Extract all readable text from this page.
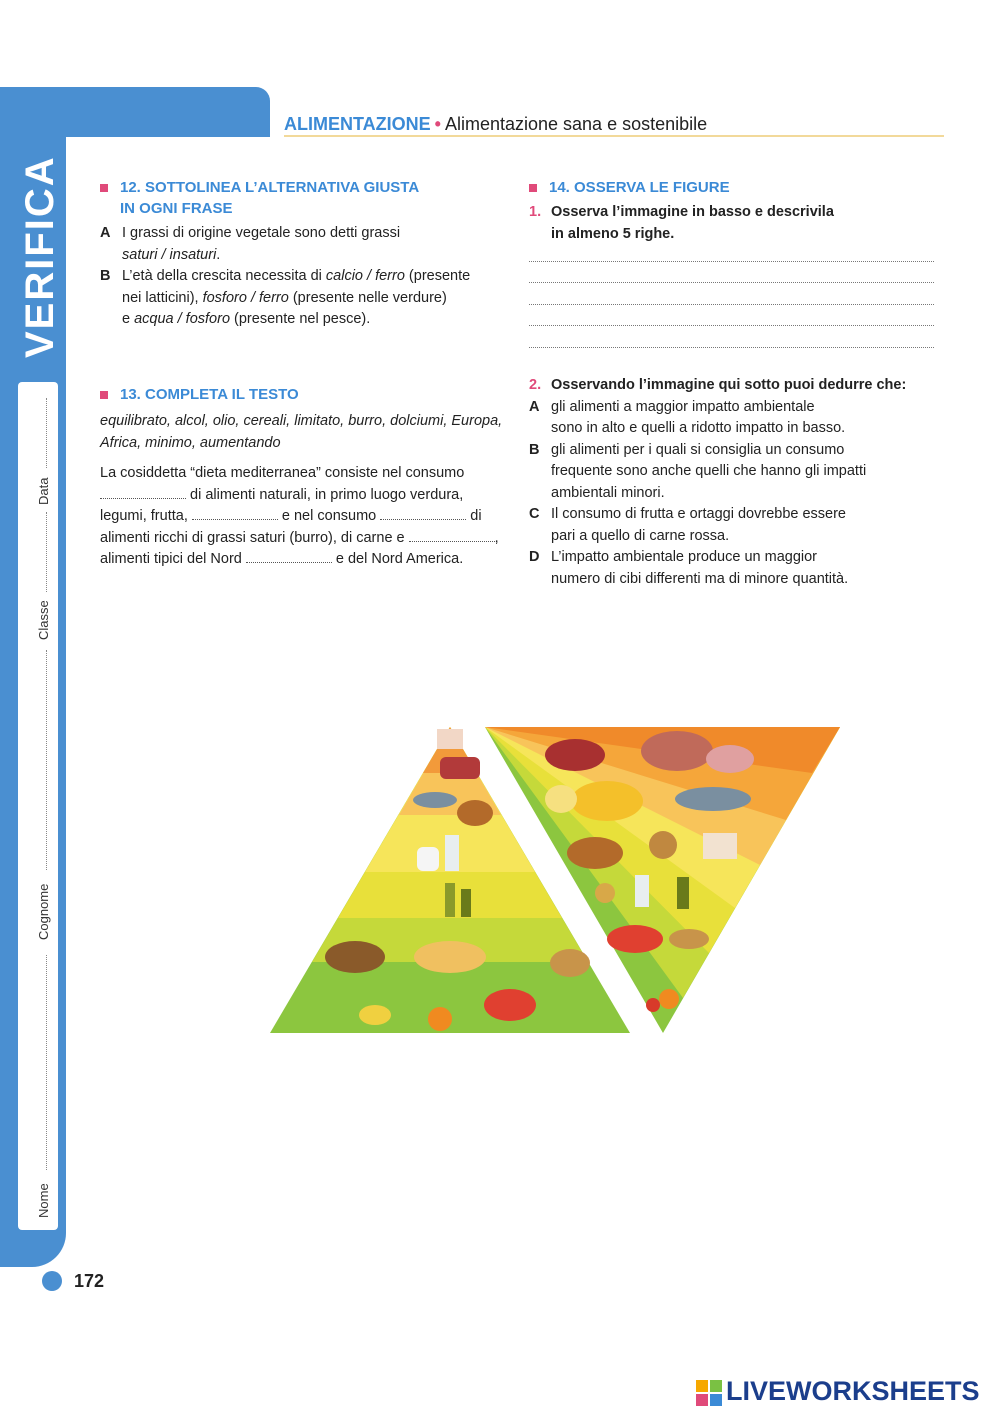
VERIFICA
Data
Classe
Cognome
Nome
ALIMENTAZIONE • Alimentazione sana e sostenibile
12. SOTTOLINEA L’ALTERNATIVA GIUSTA
IN OGNI FRASE
A I grassi di origine vegetale sono detti grassi
saturi / insaturi.
B L’età della crescita necessita di calcio / ferro (presente
nei latticini), fosforo / ferro (presente nelle verdure)
e acqua / fosforo (presente nel pesce).
13. COMPLETA IL TESTO
equilibrato, alcol, olio, cereali, limitato, burro, dolciumi, Europa,
Africa, minimo, aumentando
La cosiddetta “dieta mediterranea” consiste nel consumo
di alimenti naturali, in primo luogo verdura,
legumi, frutta,	e nel consumo	di
alimenti ricchi di grassi saturi (burro), di carne e	,
alimenti tipici del Nord	e del Nord America.
14. OSSERVA LE FIGURE
1. Osserva l’immagine in basso e descrivila
in almeno 5 righe.
2. Osservando l’immagine qui sotto puoi dedurre che:
A gli alimenti a maggior impatto ambientale
sono in alto e quelli a ridotto impatto in basso.
B gli alimenti per i quali si consiglia un consumo
frequente sono anche quelli che hanno gli impatti
ambientali minori.
C Il consumo di frutta e ortaggi dovrebbe essere
pari a quello di carne rossa.
D L’impatto ambientale produce un maggior
numero di cibi differenti ma di minore quantità.
172
LIVEWORKSHEETS
